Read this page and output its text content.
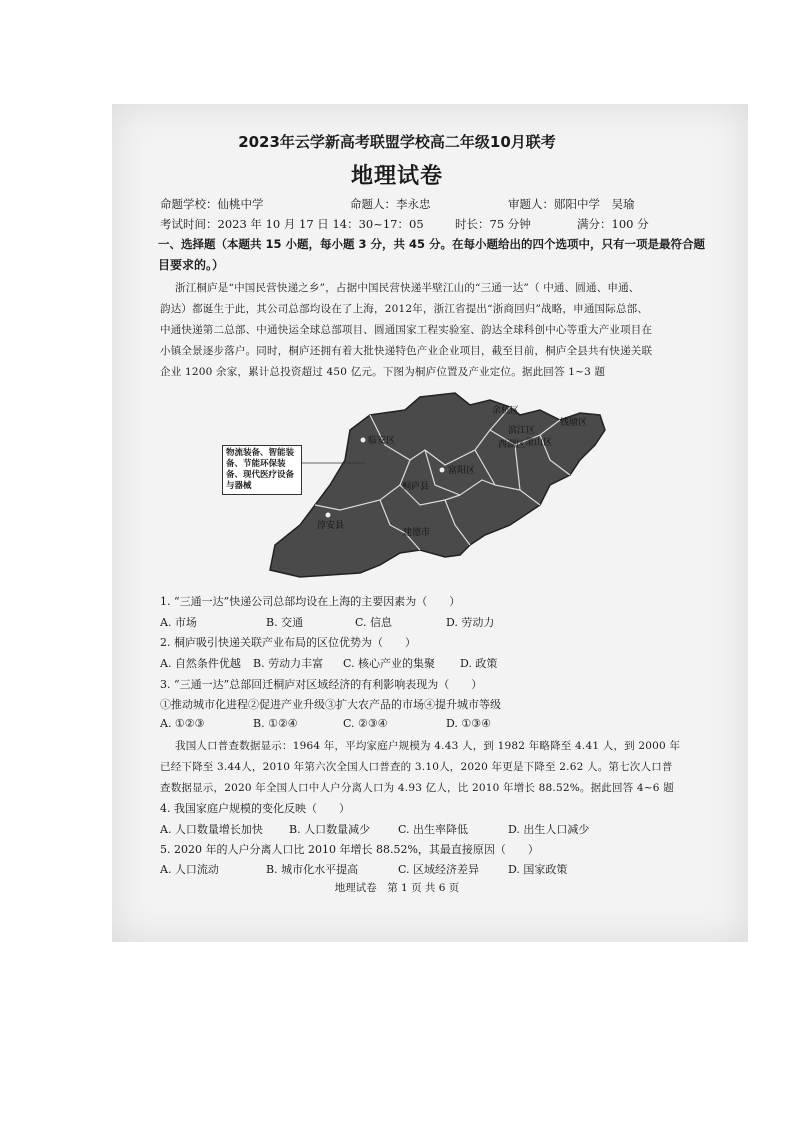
2023年云学新高考联盟学校高二年级10月联考
地理试卷
命题学校：仙桃中学	命题人：李永忠	审题人：郧阳中学　吴瑜
考试时间：2023 年 10 月 17 日 14：30~17：05	时长：75 分钟	满分：100 分
一、选择题（本题共 15 小题，每小题 3 分，共 45 分。在每小题给出的四个选项中，只有一项是最符合题
目要求的。）
浙江桐庐是“中国民营快递之乡”，占据中国民营快递半壁江山的“三通一达”（ 中通、圆通、申通、
韵达）都诞生于此，其公司总部均设在了上海，2012年，浙江省提出“浙商回归”战略，申通国际总部、
中通快递第二总部、中通快运全球总部项目、圆通国家工程实验室、韵达全球科创中心等重大产业项目在
小镇全景逐步落户。同时，桐庐还拥有着大批快递特色产业企业项目，截至目前，桐庐全县共有快递关联
企业 1200 余家，累计总投资超过 450 亿元。下图为桐庐位置及产业定位。据此回答 1~3 题
临安区
余杭区
富阳区
桐庐县
淳安县
建德市
钱塘区
萧山区
滨江区
西湖区
物流装备、智能装备、节能环保装备、现代医疗设备与器械
1. “三通一达”快递公司总部均设在上海的主要因素为（　　）
A. 市场	B. 交通	C. 信息	D. 劳动力
2. 桐庐吸引快递关联产业布局的区位优势为（　　）
A. 自然条件优越 B. 劳动力丰富 C. 核心产业的集聚 D. 政策
3. “三通一达”总部回迁桐庐对区域经济的有利影响表现为（　　）
①推动城市化进程②促进产业升级③扩大农产品的市场④提升城市等级
A. ①②③	B. ①②④	C. ②③④	D. ①③④
我国人口普查数据显示：1964 年，平均家庭户规模为 4.43 人，到 1982 年略降至 4.41 人，到 2000 年
已经下降至 3.44人，2010 年第六次全国人口普查的 3.10人，2020 年更是下降至 2.62 人。第七次人口普
查数据显示，2020 年全国人口中人户分离人口为 4.93 亿人，比 2010 年增长 88.52%。据此回答 4~6 题
4. 我国家庭户规模的变化反映（　　）
A. 人口数量增长加快 B. 人口数量减少	C. 出生率降低	D. 出生人口减少
5. 2020 年的人户分离人口比 2010 年增长 88.52%，其最直接原因（　　）
A. 人口流动	B. 城市化水平提高	C. 区域经济差异	D. 国家政策
地理试卷　第 1 页 共 6 页
